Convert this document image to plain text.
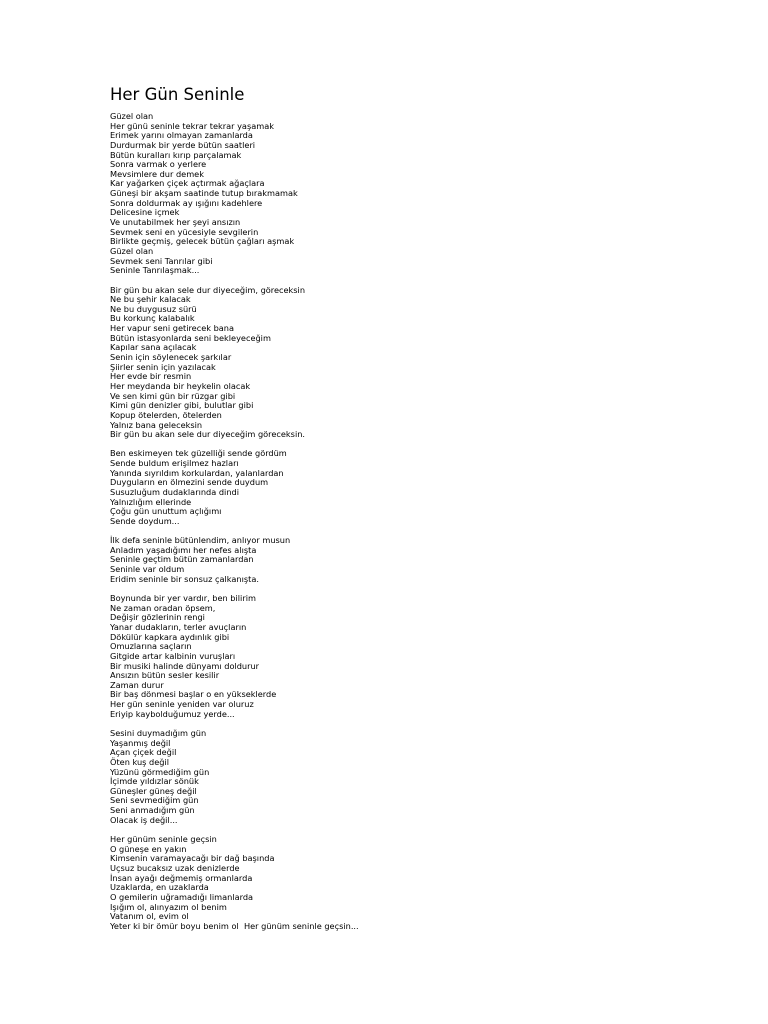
Her Gün Seninle
Güzel olan
Her günü seninle tekrar tekrar yaşamak
Erimek yarını olmayan zamanlarda
Durdurmak bir yerde bütün saatleri
Bütün kuralları kırıp parçalamak
Sonra varmak o yerlere
Mevsimlere dur demek
Kar yağarken çiçek açtırmak ağaçlara
Güneşi bir akşam saatinde tutup bırakmamak
Sonra doldurmak ay ışığını kadehlere
Delicesine içmek
Ve unutabilmek her şeyi ansızın
Sevmek seni en yücesiyle sevgilerin
Birlikte geçmiş, gelecek bütün çağları aşmak
Güzel olan
Sevmek seni Tanrılar gibi
Seninle Tanrılaşmak...
Bir gün bu akan sele dur diyeceğim, göreceksin
Ne bu şehir kalacak
Ne bu duygusuz sürü
Bu korkunç kalabalık
Her vapur seni getirecek bana
Bütün istasyonlarda seni bekleyeceğim
Kapılar sana açılacak
Senin için söylenecek şarkılar
Şiirler senin için yazılacak
Her evde bir resmin
Her meydanda bir heykelin olacak
Ve sen kimi gün bir rüzgar gibi
Kimi gün denizler gibi, bulutlar gibi
Kopup ötelerden, ötelerden
Yalnız bana geleceksin
Bir gün bu akan sele dur diyeceğim göreceksin.
Ben eskimeyen tek güzelliği sende gördüm
Sende buldum erişilmez hazları
Yanında sıyrıldım korkulardan, yalanlardan
Duyguların en ölmezini sende duydum
Susuzluğum dudaklarında dindi
Yalnızlığım ellerinde
Çoğu gün unuttum açlığımı
Sende doydum...
İlk defa seninle bütünlendim, anlıyor musun
Anladım yaşadığımı her nefes alışta
Seninle geçtim bütün zamanlardan
Seninle var oldum
Eridim seninle bir sonsuz çalkanışta.
Boynunda bir yer vardır, ben bilirim
Ne zaman oradan öpsem,
Değişir gözlerinin rengi
Yanar dudakların, terler avuçların
Dökülür kapkara aydınlık gibi
Omuzlarına saçların
Gitgide artar kalbinin vuruşları
Bir musiki halinde dünyamı doldurur
Ansızın bütün sesler kesilir
Zaman durur
Bir baş dönmesi başlar o en yükseklerde
Her gün seninle yeniden var oluruz
Eriyip kaybolduğumuz yerde...
Sesini duymadığım gün
Yaşanmış değil
Açan çiçek değil
Öten kuş değil
Yüzünü görmediğim gün
İçimde yıldızlar sönük
Güneşler güneş değil
Seni sevmediğim gün
Seni anmadığım gün
Olacak iş değil...
Her günüm seninle geçsin
O güneşe en yakın
Kimsenin varamayacağı bir dağ başında
Uçsuz bucaksız uzak denizlerde
İnsan ayağı değmemiş ormanlarda
Uzaklarda, en uzaklarda
O gemilerin uğramadığı limanlarda
Işığım ol, alınyazım ol benim
Vatanım ol, evim ol
Yeter ki bir ömür boyu benim ol  Her günüm seninle geçsin...
